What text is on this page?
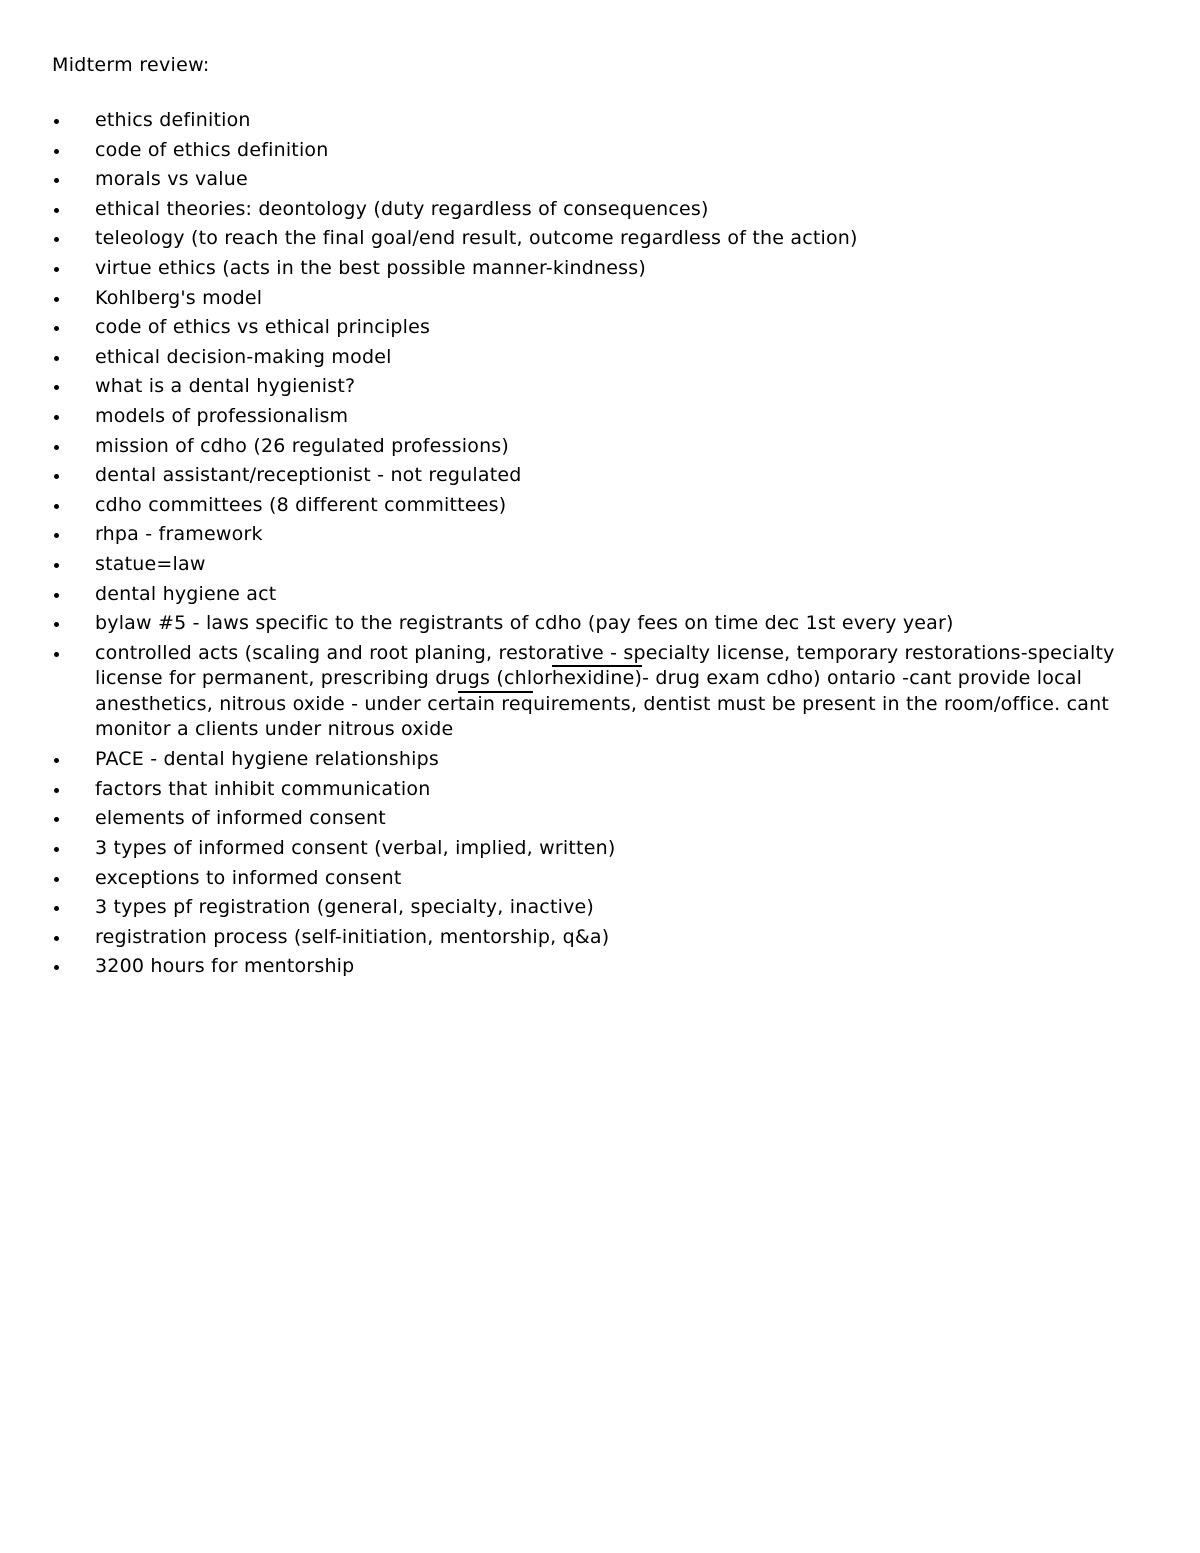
Midterm review:
ethics definition
code of ethics definition
morals vs value
ethical theories: deontology (duty regardless of consequences)
teleology (to reach the final goal/end result, outcome regardless of the action)
virtue ethics (acts in the best possible manner-kindness)
Kohlberg's model
code of ethics vs ethical principles
ethical decision-making model
what is a dental hygienist?
models of professionalism
mission of cdho (26 regulated professions)
dental assistant/receptionist - not regulated
cdho committees (8 different committees)
rhpa - framework
statue=law
dental hygiene act
bylaw #5 - laws specific to the registrants of cdho (pay fees on time dec 1st every year)
controlled acts (scaling and root planing, restorative - specialty license, temporary restorations-specialty license for permanent, prescribing drugs (chlorhexidine)- drug exam cdho) ontario -cant provide local anesthetics, nitrous oxide - under certain requirements, dentist must be present in the room/office. cant monitor a clients under nitrous oxide
PACE - dental hygiene relationships
factors that inhibit communication
elements of informed consent
3 types of informed consent (verbal, implied, written)
exceptions to informed consent
3 types pf registration (general, specialty, inactive)
registration process (self-initiation, mentorship, q&a)
3200 hours for mentorship
